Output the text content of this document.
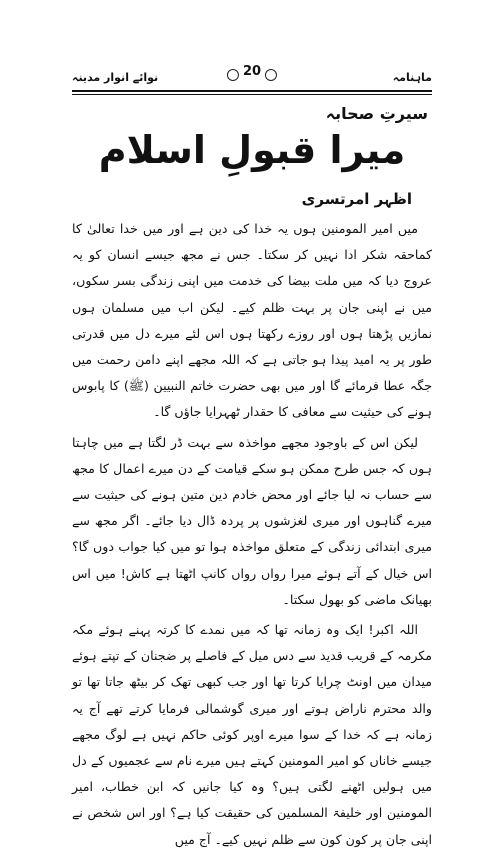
ماہنامہ
نوائے انوار مدینہ	20
سیرتِ صحابہ
میرا قبولِ اسلام
اظہر امرتسری

میں امیر المومنین ہوں یہ خدا کی دین ہے اور میں خدا تعالیٰ کا کماحقہ شکر ادا نہیں کر سکتا۔ جس نے مجھ جیسے انسان کو یہ عروج دیا کہ میں ملت بیضا کی خدمت میں اپنی زندگی بسر سکوں، میں نے اپنی جان پر بہت ظلم کیے۔ لیکن اب میں مسلمان ہوں نمازیں پڑھتا ہوں اور روزے رکھتا ہوں اس لئے میرے دل میں قدرتی طور پر یہ امید پیدا ہو جاتی ہے کہ اللہ مجھے اپنے دامن رحمت میں جگہ عطا فرمائے گا اور میں بھی حضرت خاتم النبیین (ﷺ) کا پابوس ہونے کی حیثیت سے معافی کا حقدار ٹھہرایا جاؤں گا۔

لیکن اس کے باوجود مجھے مواخذہ سے بہت ڈر لگتا ہے میں چاہتا ہوں کہ جس طرح ممکن ہو سکے قیامت کے دن میرے اعمال کا مجھ سے حساب نہ لیا جائے اور محض خادم دین متین ہونے کی حیثیت سے میرے گناہوں اور میری لغزشوں پر پردہ ڈال دیا جائے۔ اگر مجھ سے میری ابتدائی زندگی کے متعلق مواخذہ ہوا تو میں کیا جواب دوں گا؟ اس خیال کے آتے ہوئے میرا رواں رواں کانپ اٹھتا ہے کاش! میں اس بھیانک ماضی کو بھول سکتا۔

اللہ اکبر! ایک وہ زمانہ تھا کہ میں نمدے کا کرتہ پہنے ہوئے مکہ مکرمہ کے قریب قدید سے دس میل کے فاصلے پر ضجنان کے تپتے ہوئے میدان میں اونٹ چرایا کرتا تھا اور جب کبھی تھک کر بیٹھ جاتا تھا تو والد محترم ناراض ہوتے اور میری گوشمالی فرمایا کرتے تھے آج یہ زمانہ ہے کہ خدا کے سوا میرے اوپر کوئی حاکم نہیں ہے لوگ مجھے جیسے خاناں کو امیر المومنین کہتے ہیں میرے نام سے عجمیوں کے دل میں ہولیں اٹھنے لگتی ہیں؟ وہ کیا جانیں کہ ابن خطاب، امیر المومنین اور خلیفۃ المسلمین کی حقیقت کیا ہے؟ اور اس شخص نے اپنی جان پر کون کون سے ظلم نہیں کیے۔ آج میں
